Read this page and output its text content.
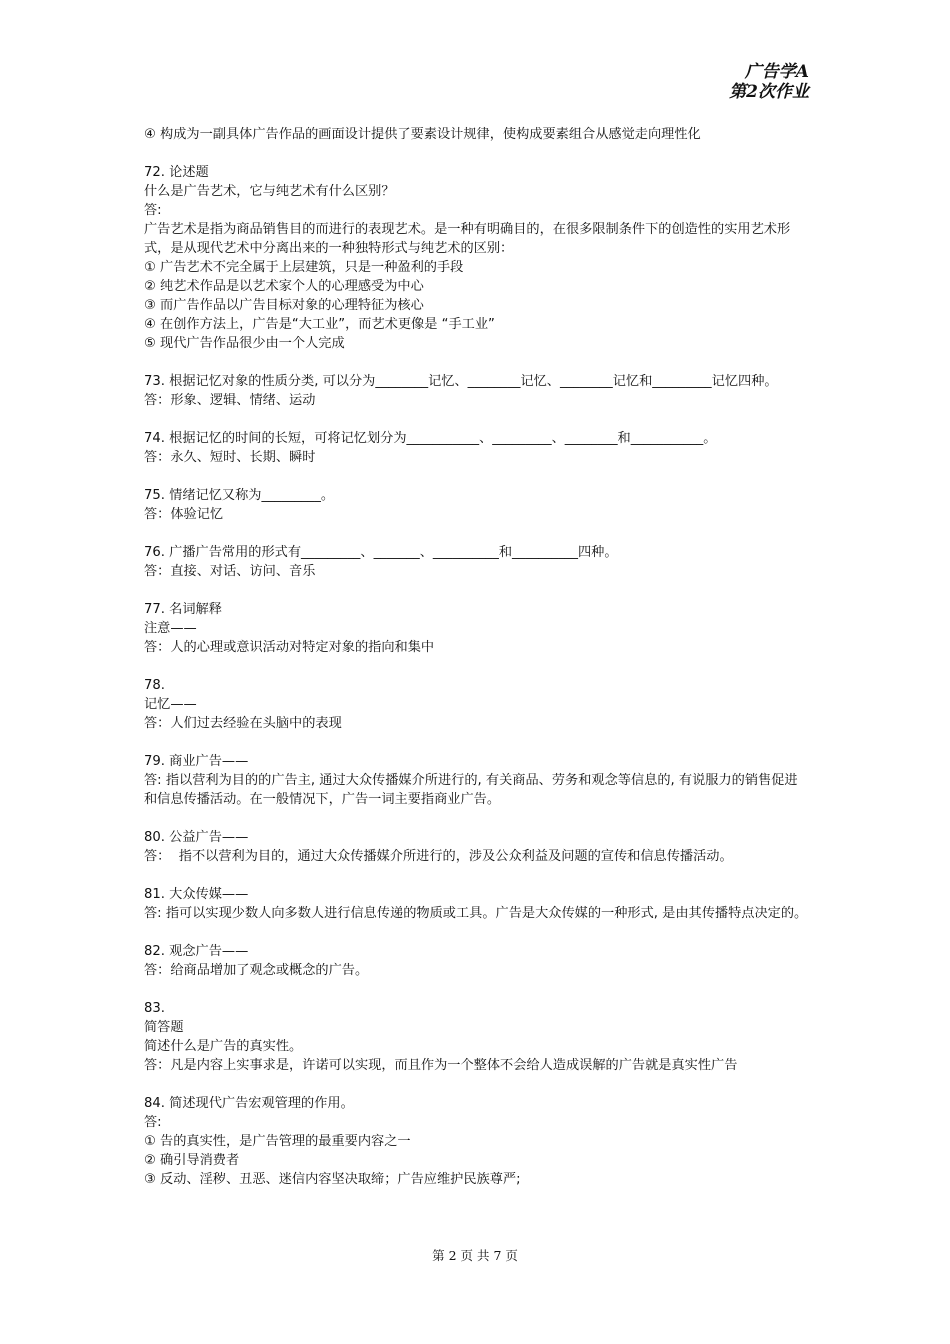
广告学A
第2次作业
④ 构成为一副具体广告作品的画面设计提供了要素设计规律，使构成要素组合从感觉走向理性化
72. 论述题
什么是广告艺术，它与纯艺术有什么区别？
答:
广告艺术是指为商品销售目的而进行的表现艺术。是一种有明确目的，在很多限制条件下的创造性的实用艺术形式，是从现代艺术中分离出来的一种独特形式与纯艺术的区别：
① 广告艺术不完全属于上层建筑，只是一种盈利的手段
② 纯艺术作品是以艺术家个人的心理感受为中心
③ 而广告作品以广告目标对象的心理特征为核心
④ 在创作方法上，广告是“大工业”，而艺术更像是 “手工业”
⑤ 现代广告作品很少由一个人完成
73. 根据记忆对象的性质分类, 可以分为________记忆、________记忆、________记忆和_________记忆四种。
答：形象、逻辑、情绪、运动
74. 根据记忆的时间的长短，可将记忆划分为___________、_________、________和___________。
答：永久、短时、长期、瞬时
75. 情绪记忆又称为_________。
答：体验记忆
76. 广播广告常用的形式有_________、_______、__________和__________四种。
答：直接、对话、访问、音乐
77. 名词解释
注意——
答：人的心理或意识活动对特定对象的指向和集中
78.
记忆——
答：人们过去经验在头脑中的表现
79. 商业广告——
答: 指以营利为目的的广告主, 通过大众传播媒介所进行的, 有关商品、劳务和观念等信息的, 有说服力的销售促进和信息传播活动。在一般情况下，广告一词主要指商业广告。
80. 公益广告——
答：  指不以营利为目的，通过大众传播媒介所进行的，涉及公众利益及问题的宣传和信息传播活动。
81. 大众传媒——
答: 指可以实现少数人向多数人进行信息传递的物质或工具。广告是大众传媒的一种形式, 是由其传播特点决定的。
82. 观念广告——
答：给商品增加了观念或概念的广告。
83.
简答题
简述什么是广告的真实性。
答：凡是内容上实事求是，许诺可以实现，而且作为一个整体不会给人造成误解的广告就是真实性广告
84. 简述现代广告宏观管理的作用。
答:
① 告的真实性，是广告管理的最重要内容之一
② 确引导消费者
③ 反动、淫秽、丑恶、迷信内容坚决取缔；广告应维护民族尊严;
第 2 页 共 7 页
